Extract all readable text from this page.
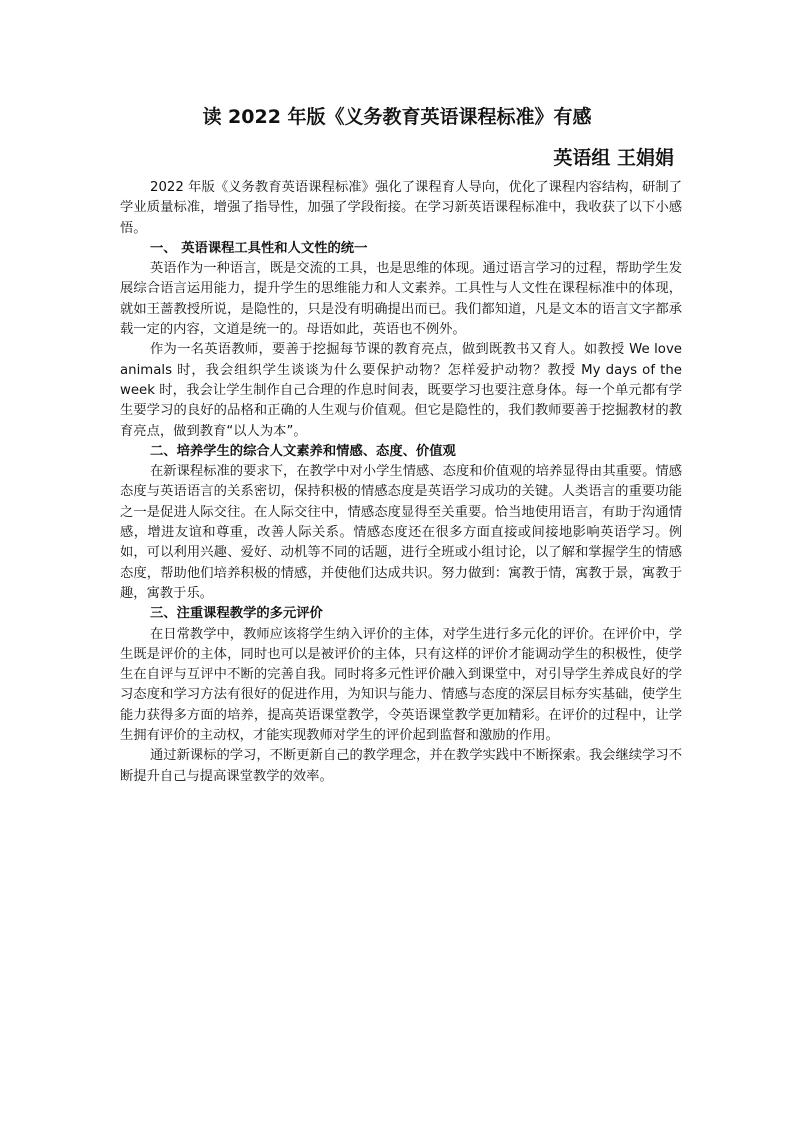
读 2022 年版《义务教育英语课程标准》有感
英语组 王娟娟

2022 年版《义务教育英语课程标准》强化了课程育人导向，优化了课程内容结构，研制了学业质量标准，增强了指导性，加强了学段衔接。在学习新英语课程标准中，我收获了以下小感悟。

一、 英语课程工具性和人文性的统一

英语作为一种语言，既是交流的工具，也是思维的体现。通过语言学习的过程，帮助学生发展综合语言运用能力，提升学生的思维能力和人文素养。工具性与人文性在课程标准中的体现，就如王蔷教授所说，是隐性的，只是没有明确提出而已。我们都知道，凡是文本的语言文字都承载一定的内容，文道是统一的。母语如此，英语也不例外。

作为一名英语教师，要善于挖掘每节课的教育亮点，做到既教书又育人。如教授 We love animals 时，我会组织学生谈谈为什么要保护动物？怎样爱护动物？教授 My days of the week 时，我会让学生制作自己合理的作息时间表，既要学习也要注意身体。每一个单元都有学生要学习的良好的品格和正确的人生观与价值观。但它是隐性的，我们教师要善于挖掘教材的教育亮点，做到教育“以人为本”。

二、培养学生的综合人文素养和情感、态度、价值观

在新课程标准的要求下，在教学中对小学生情感、态度和价值观的培养显得由其重要。情感态度与英语语言的关系密切，保持积极的情感态度是英语学习成功的关键。人类语言的重要功能之一是促进人际交往。在人际交往中，情感态度显得至关重要。恰当地使用语言，有助于沟通情感，增进友谊和尊重，改善人际关系。情感态度还在很多方面直接或间接地影响英语学习。例如，可以利用兴趣、爱好、动机等不同的话题，进行全班或小组讨论，以了解和掌握学生的情感态度，帮助他们培养积极的情感，并使他们达成共识。努力做到：寓教于情，寓教于景，寓教于趣，寓教于乐。

三、注重课程教学的多元评价

在日常教学中，教师应该将学生纳入评价的主体，对学生进行多元化的评价。在评价中，学生既是评价的主体，同时也可以是被评价的主体，只有这样的评价才能调动学生的积极性，使学生在自评与互评中不断的完善自我。同时将多元性评价融入到课堂中，对引导学生养成良好的学习态度和学习方法有很好的促进作用，为知识与能力、情感与态度的深层目标夯实基础，使学生能力获得多方面的培养，提高英语课堂教学，令英语课堂教学更加精彩。在评价的过程中，让学生拥有评价的主动权，才能实现教师对学生的评价起到监督和激励的作用。

通过新课标的学习，不断更新自己的教学理念，并在教学实践中不断探索。我会继续学习不断提升自己与提高课堂教学的效率。
